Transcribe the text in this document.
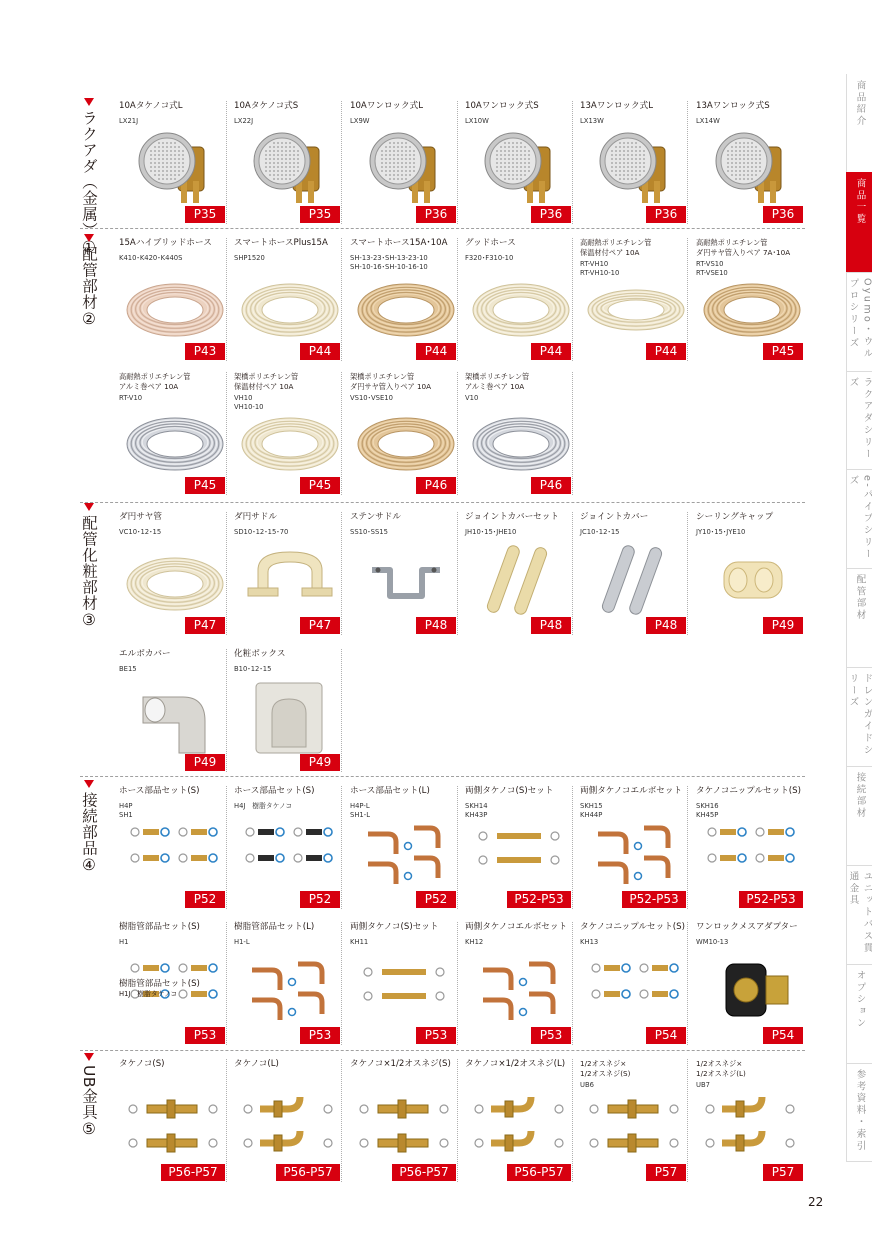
ラクアダ（金属）①
配管部材②
配管化粧部材③
接続部品④
UB金具⑤
10Aタケノコ式L
LX21J
P35
10Aタケノコ式S
LX22J
P35
10Aワンロック式L
LX9W
P36
10Aワンロック式S
LX10W
P36
13Aワンロック式L
LX13W
P36
13Aワンロック式S
LX14W
P36
15Aハイブリッドホース
K410･K420･K440S
P43
スマートホースPlus15A
SHP1520
P44
スマートホース15A･10A
SH-13-23･SH-13-23-10
SH-10-16･SH-10-16-10
P44
グッドホース
F320･F310-10
P44
高耐熱ポリエチレン管
保温材付ペア 10A
RT-VH10
RT-VH10-10
P44
高耐熱ポリエチレン管
ダ円サヤ管入りペア 7A･10A
RT-VS10
RT-VSE10
P45
高耐熱ポリエチレン管
アルミ巻ペア 10A
RT-V10
P45
架橋ポリエチレン管
保温材付ペア 10A
VH10
VH10-10
P45
架橋ポリエチレン管
ダ円サヤ管入りペア 10A
VS10･VSE10
P46
架橋ポリエチレン管
アルミ巻ペア 10A
V10
P46
ダ円サヤ管
VC10･12･15
P47
ダ円サドル
SD10･12･15･70
P47
ステンサドル
SS10･SS15
P48
ジョイントカバーセット
JH10･15･JHE10
P48
ジョイントカバー
JC10･12･15
P48
シーリングキャップ
JY10･15･JYE10
P49
エルボカバー
BE15
P49
化粧ボックス
B10･12･15
P49
ホース部品セット(S)
H4P
SH1
P52
ホース部品セット(S)
H4J　樹脂タケノコ
P52
ホース部品セット(L)
H4P-L
SH1-L
P52
両側タケノコ(S)セット
SKH14
KH43P
P52-P53
両側タケノコエルボセット
SKH15
KH44P
P52-P53
タケノコニップルセット(S)
SKH16
KH45P
P52-P53
樹脂管部品セット(S)
H1
P53
樹脂管部品セット(L)
H1-L
P53
両側タケノコ(S)セット
KH11
P53
両側タケノコエルボセット
KH12
P53
タケノコニップルセット(S)
KH13
P54
ワンロックメスアダプター
WM10-13
P54
タケノコ(S)
P56-P57
タケノコ(L)
P56-P57
タケノコ×1/2オスネジ(S)
P56-P57
タケノコ×1/2オスネジ(L)
P56-P57
1/2オスネジ×
1/2オスネジ(S)
UB6
P57
1/2オスネジ×
1/2オスネジ(L)
UB7
P57
樹脂管部品セット(S)
H1J　樹脂タケノコ
商品紹介
商品一覧
Oyumo・ウルプロシリーズ
ラクアダシリーズ
e-パイプシリーズ
配管部材
ドレンガイドシリーズ
接続部材
ユニットバス貫通金具
オプション
参考資料・索引
22
